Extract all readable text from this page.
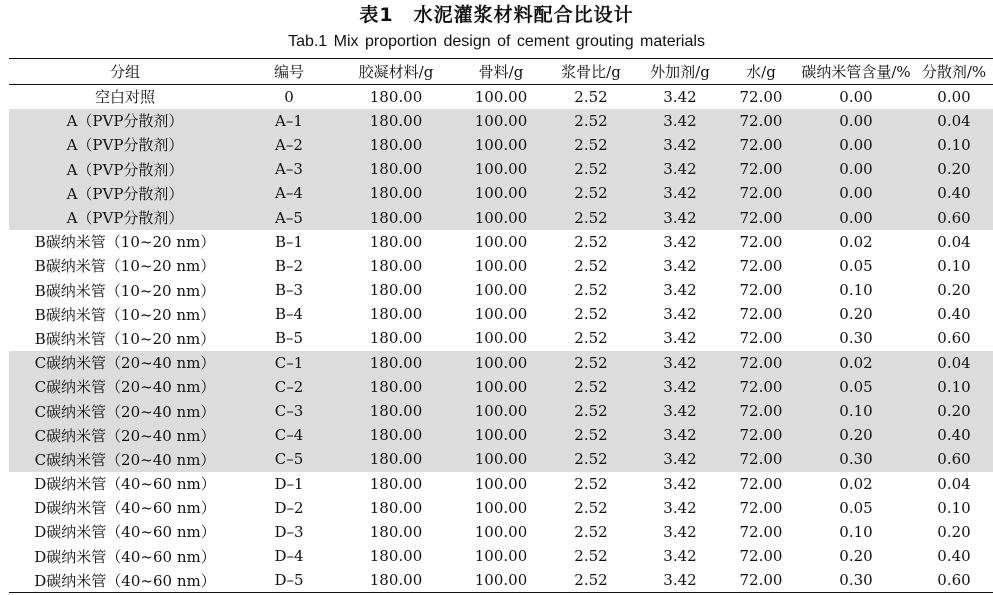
表1　水泥灌浆材料配合比设计
Tab.1 Mix proportion design of cement grouting materials
分组	编号	胶凝材料/g	骨料/g	浆骨比/g	外加剂/g	水/g	碳纳米管含量/%	分散剂/%
空白对照	0	180.00	100.00	2.52	3.42	72.00	0.00	0.00
A（PVP分散剂）	A–1	180.00	100.00	2.52	3.42	72.00	0.00	0.04
A（PVP分散剂）	A–2	180.00	100.00	2.52	3.42	72.00	0.00	0.10
A（PVP分散剂）	A–3	180.00	100.00	2.52	3.42	72.00	0.00	0.20
A（PVP分散剂）	A–4	180.00	100.00	2.52	3.42	72.00	0.00	0.40
A（PVP分散剂）	A–5	180.00	100.00	2.52	3.42	72.00	0.00	0.60
B碳纳米管（10~20 nm）	B–1	180.00	100.00	2.52	3.42	72.00	0.02	0.04
B碳纳米管（10~20 nm）	B–2	180.00	100.00	2.52	3.42	72.00	0.05	0.10
B碳纳米管（10~20 nm）	B–3	180.00	100.00	2.52	3.42	72.00	0.10	0.20
B碳纳米管（10~20 nm）	B–4	180.00	100.00	2.52	3.42	72.00	0.20	0.40
B碳纳米管（10~20 nm）	B–5	180.00	100.00	2.52	3.42	72.00	0.30	0.60
C碳纳米管（20~40 nm）	C–1	180.00	100.00	2.52	3.42	72.00	0.02	0.04
C碳纳米管（20~40 nm）	C–2	180.00	100.00	2.52	3.42	72.00	0.05	0.10
C碳纳米管（20~40 nm）	C–3	180.00	100.00	2.52	3.42	72.00	0.10	0.20
C碳纳米管（20~40 nm）	C–4	180.00	100.00	2.52	3.42	72.00	0.20	0.40
C碳纳米管（20~40 nm）	C–5	180.00	100.00	2.52	3.42	72.00	0.30	0.60
D碳纳米管（40~60 nm）	D–1	180.00	100.00	2.52	3.42	72.00	0.02	0.04
D碳纳米管（40~60 nm）	D–2	180.00	100.00	2.52	3.42	72.00	0.05	0.10
D碳纳米管（40~60 nm）	D–3	180.00	100.00	2.52	3.42	72.00	0.10	0.20
D碳纳米管（40~60 nm）	D–4	180.00	100.00	2.52	3.42	72.00	0.20	0.40
D碳纳米管（40~60 nm）	D–5	180.00	100.00	2.52	3.42	72.00	0.30	0.60
